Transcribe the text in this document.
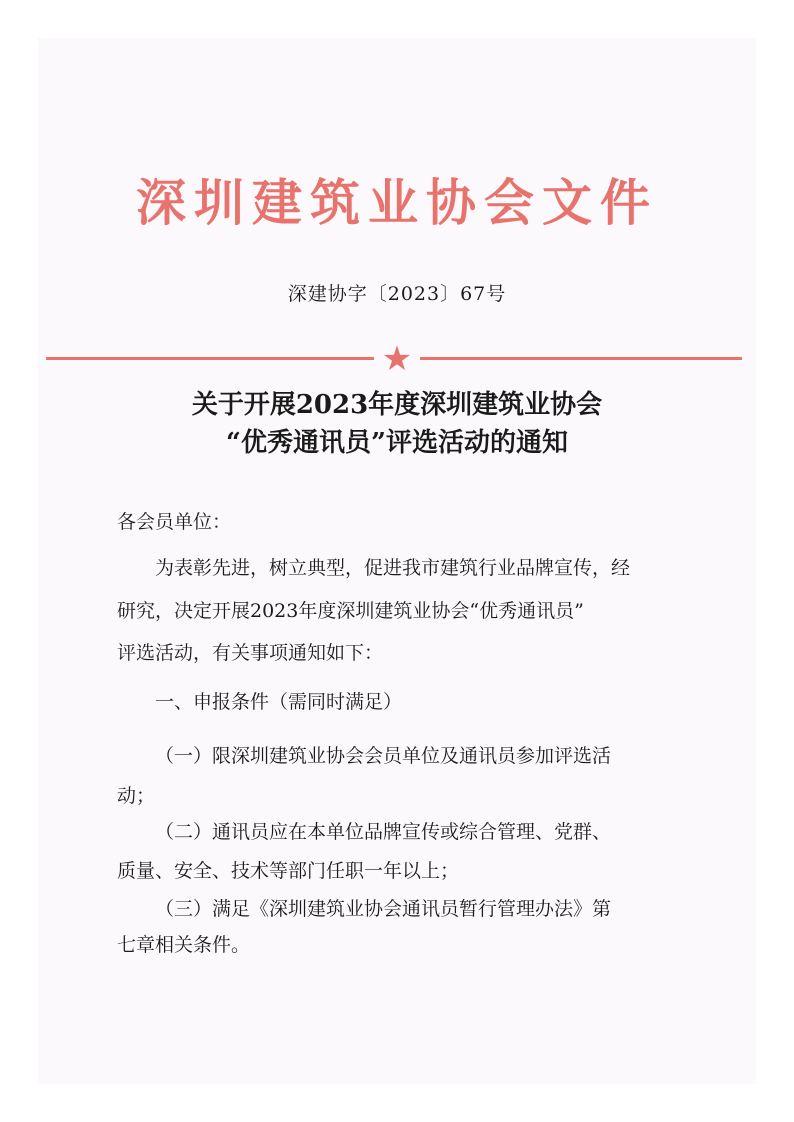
深圳建筑业协会文件
深建协字〔2023〕67号
★
关于开展2023年度深圳建筑业协会
“优秀通讯员”评选活动的通知
各会员单位：
为表彰先进，树立典型，促进我市建筑行业品牌宣传，经
研究，决定开展2023年度深圳建筑业协会“优秀通讯员”
评选活动，有关事项通知如下：
一、申报条件（需同时满足）
（一）限深圳建筑业协会会员单位及通讯员参加评选活
动；
（二）通讯员应在本单位品牌宣传或综合管理、党群、
质量、安全、技术等部门任职一年以上；
（三）满足《深圳建筑业协会通讯员暂行管理办法》第
七章相关条件。
